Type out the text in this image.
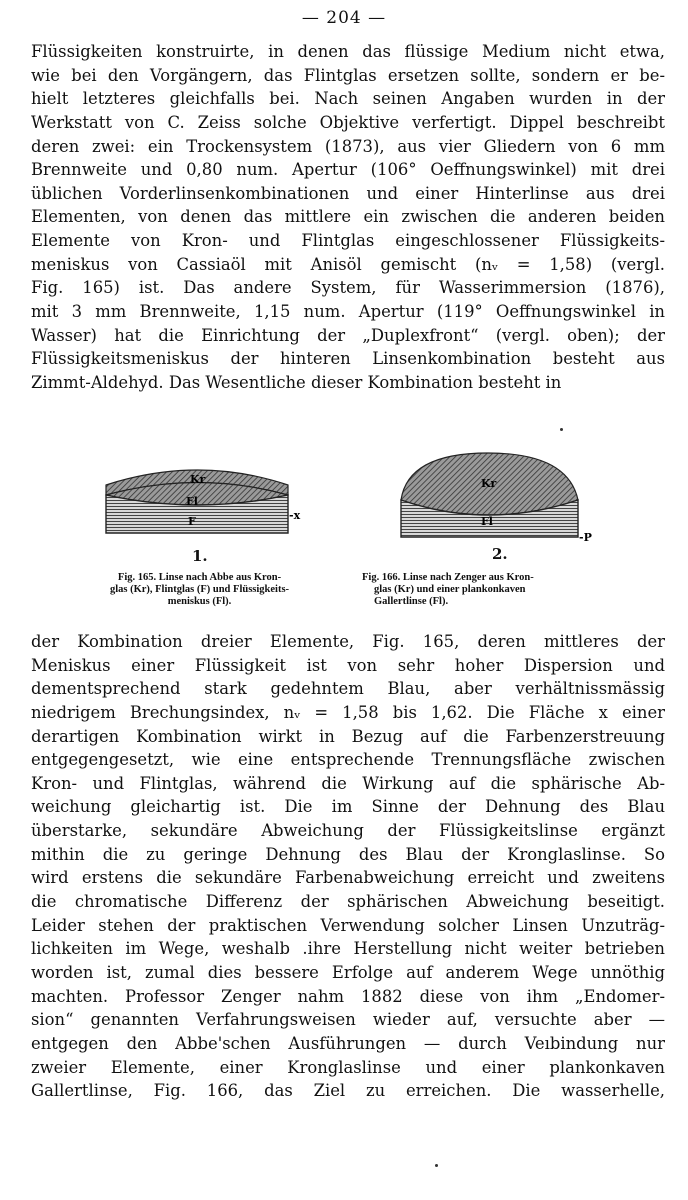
— 204 —
Flüssigkeiten konstruirte, in denen das flüssige Medium nicht etwa,
wie bei den Vorgängern, das Flintglas ersetzen sollte, sondern er be-
hielt letzteres gleichfalls bei. Nach seinen Angaben wurden in der
Werkstatt von C. Zeiss solche Objektive verfertigt. Dippel beschreibt
deren zwei: ein Trockensystem (1873), aus vier Gliedern von 6 mm
Brennweite und 0,80 num. Apertur (106° Oeffnungswinkel) mit drei
üblichen Vorderlinsenkombinationen und einer Hinterlinse aus drei
Elementen, von denen das mittlere ein zwischen die anderen beiden
Elemente von Kron- und Flintglas eingeschlossener Flüssigkeits-
meniskus von Cassiaöl mit Anisöl gemischt (nᵥ = 1,58) (vergl.
Fig. 165) ist. Das andere System, für Wasserimmersion (1876),
mit 3 mm Brennweite, 1,15 num. Apertur (119° Oeffnungswinkel in
Wasser) hat die Einrichtung der „Duplexfront“ (vergl. oben); der
Flüssigkeitsmeniskus der hinteren Linsenkombination besteht aus
Zimmt-Aldehyd. Das Wesentliche dieser Kombination besteht in
Kr
Fl
F	-x
1.
Fig. 165. Linse nach Abbe aus Kron-
glas (Kr), Flintglas (F) und Flüssigkeits-
meniskus (Fl).
Kr
Fl
-P
2.
Fig. 166. Linse nach Zenger aus Kron-
glas (Kr) und einer plankonkaven
Gallertlinse (Fl).
der Kombination dreier Elemente, Fig. 165, deren mittleres der
Meniskus einer Flüssigkeit ist von sehr hoher Dispersion und
dementsprechend stark gedehntem Blau, aber verhältnissmässig
niedrigem Brechungsindex, nᵥ = 1,58 bis 1,62. Die Fläche x einer
derartigen Kombination wirkt in Bezug auf die Farbenzerstreuung
entgegengesetzt, wie eine entsprechende Trennungsfläche zwischen
Kron- und Flintglas, während die Wirkung auf die sphärische Ab-
weichung gleichartig ist. Die im Sinne der Dehnung des Blau
überstarke, sekundäre Abweichung der Flüssigkeitslinse ergänzt
mithin die zu geringe Dehnung des Blau der Kronglaslinse. So
wird erstens die sekundäre Farbenabweichung erreicht und zweitens
die chromatische Differenz der sphärischen Abweichung beseitigt.
Leider stehen der praktischen Verwendung solcher Linsen Unzuträg-
lichkeiten im Wege, weshalb .ihre Herstellung nicht weiter betrieben
worden ist, zumal dies bessere Erfolge auf anderem Wege unnöthig
machten. Professor Zenger nahm 1882 diese von ihm „Endomer-
sion“ genannten Verfahrungsweisen wieder auf, versuchte aber —
entgegen den Abbe'schen Ausführungen — durch Veıbindung nur
zweier Elemente, einer Kronglaslinse und einer plankonkaven
Gallertlinse, Fig. 166, das Ziel zu erreichen. Die wasserhelle,
